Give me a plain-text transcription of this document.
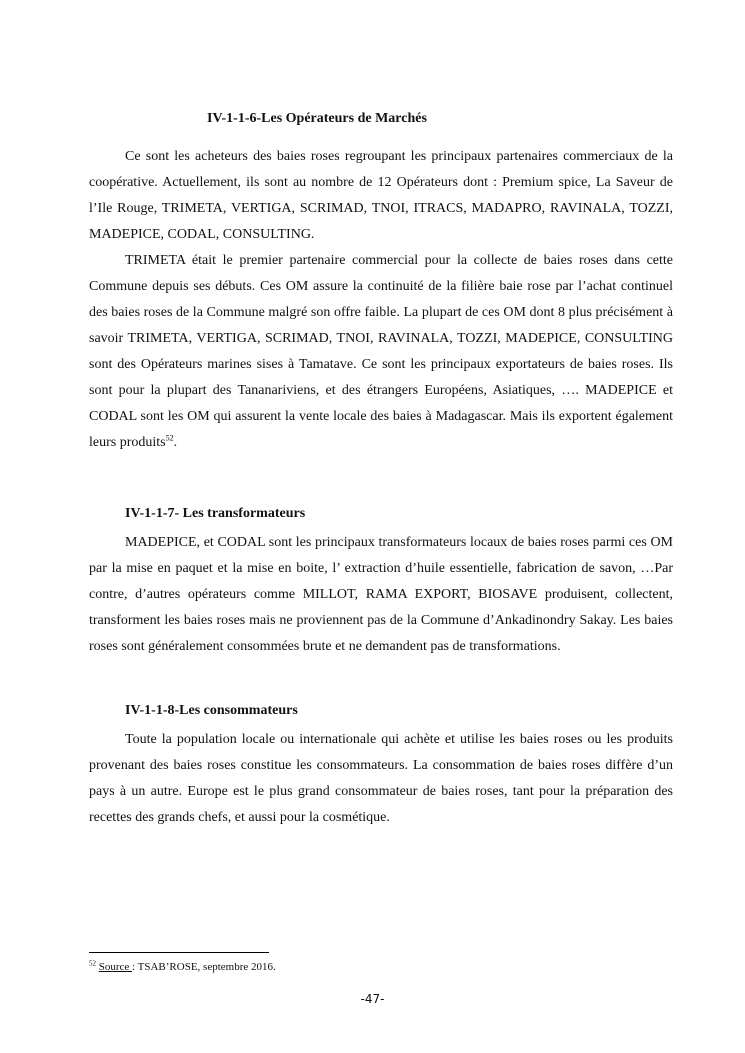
IV-1-1-6-Les Opérateurs de Marchés

Ce sont les acheteurs des baies roses regroupant les principaux partenaires commerciaux de la coopérative. Actuellement, ils sont au nombre de 12 Opérateurs dont : Premium spice, La Saveur de l’Ile Rouge, TRIMETA, VERTIGA, SCRIMAD, TNOI, ITRACS, MADAPRO, RAVINALA, TOZZI, MADEPICE, CODAL, CONSULTING.

TRIMETA était le premier partenaire commercial pour la collecte de baies roses dans cette Commune depuis ses débuts. Ces OM assure la continuité de la filière baie rose par l’achat continuel des baies roses de la Commune malgré son offre faible. La plupart de ces OM dont 8 plus précisément à savoir TRIMETA, VERTIGA, SCRIMAD, TNOI, RAVINALA, TOZZI, MADEPICE, CONSULTING sont des Opérateurs marines sises à Tamatave. Ce sont les principaux exportateurs de baies roses. Ils sont pour la plupart des Tananariviens, et des étrangers Européens, Asiatiques, …. MADEPICE et CODAL sont les OM qui assurent la vente locale des baies à Madagascar. Mais ils exportent également leurs produits$^{52}$.

IV-1-1-7- Les transformateurs

MADEPICE, et CODAL sont les principaux transformateurs locaux de baies roses parmi ces OM par la mise en paquet et la mise en boite, l’ extraction d’huile essentielle, fabrication de savon, …Par contre, d’autres opérateurs comme MILLOT, RAMA EXPORT, BIOSAVE produisent, collectent, transforment les baies roses mais ne proviennent pas de la Commune d’Ankadinondry Sakay. Les baies roses sont généralement consommées brute et ne demandent pas de transformations.

IV-1-1-8-Les consommateurs

Toute la population locale ou internationale qui achète et utilise les baies roses ou les produits provenant des baies roses constitue les consommateurs. La consommation de baies roses diffère d’un pays à un autre. Europe est le plus grand consommateur de baies roses, tant pour la préparation des recettes des grands chefs, et aussi pour la cosmétique.

$^{52}$ Source : TSAB’ROSE, septembre 2016.
-47-
